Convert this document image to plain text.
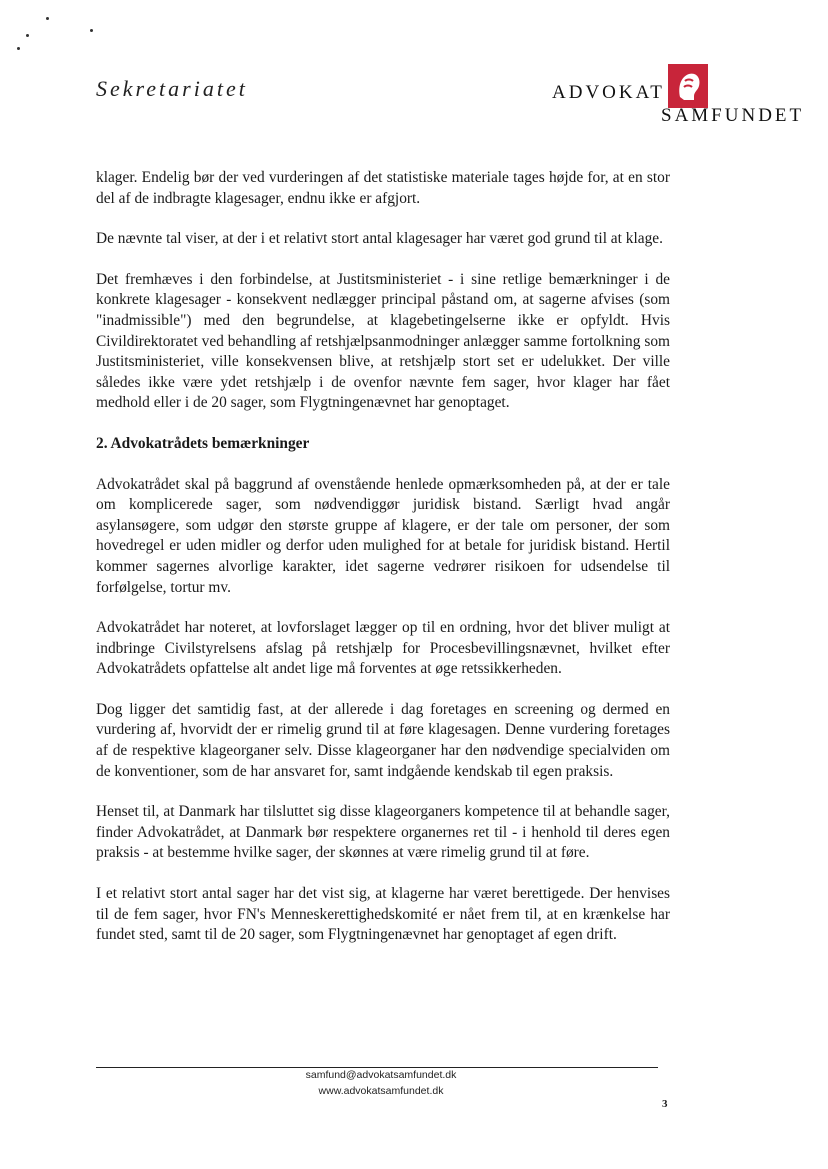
Sekretariatet	ADVOKAT
SAMFUNDET

klager. Endelig bør der ved vurderingen af det statistiske materiale tages højde for, at en stor del af de indbragte klagesager, endnu ikke er afgjort.

De nævnte tal viser, at der i et relativt stort antal klagesager har været god grund til at klage.

Det fremhæves i den forbindelse, at Justitsministeriet - i sine retlige bemærkninger i de konkrete klagesager - konsekvent nedlægger principal påstand om, at sagerne afvises (som "inadmissible") med den begrundelse, at klagebetingelserne ikke er opfyldt. Hvis Civildirektoratet ved behandling af retshjælpsanmodninger anlægger samme fortolkning som Justitsministeriet, ville konsekvensen blive, at retshjælp stort set er udelukket. Der ville således ikke være ydet retshjælp i de ovenfor nævnte fem sager, hvor klager har fået medhold eller i de 20 sager, som Flygtningenævnet har genoptaget.

2. Advokatrådets bemærkninger

Advokatrådet skal på baggrund af ovenstående henlede opmærksomheden på, at der er tale om komplicerede sager, som nødvendiggør juridisk bistand. Særligt hvad angår asylansøgere, som udgør den største gruppe af klagere, er der tale om personer, der som hovedregel er uden midler og derfor uden mulighed for at betale for juridisk bistand. Hertil kommer sagernes alvorlige karakter, idet sagerne vedrører risikoen for udsendelse til forfølgelse, tortur mv.

Advokatrådet har noteret, at lovforslaget lægger op til en ordning, hvor det bliver muligt at indbringe Civilstyrelsens afslag på retshjælp for Procesbevillingsnævnet, hvilket efter Advokatrådets opfattelse alt andet lige må forventes at øge retssikkerheden.

Dog ligger det samtidig fast, at der allerede i dag foretages en screening og dermed en vurdering af, hvorvidt der er rimelig grund til at føre klagesagen. Denne vurdering foretages af de respektive klageorganer selv. Disse klageorganer har den nødvendige specialviden om de konventioner, som de har ansvaret for, samt indgående kendskab til egen praksis.

Henset til, at Danmark har tilsluttet sig disse klageorganers kompetence til at behandle sager, finder Advokatrådet, at Danmark bør respektere organernes ret til - i henhold til deres egen praksis - at bestemme hvilke sager, der skønnes at være rimelig grund til at føre.

I et relativt stort antal sager har det vist sig, at klagerne har været berettigede. Der henvises til de fem sager, hvor FN's Menneskerettighedskomité er nået frem til, at en krænkelse har fundet sted, samt til de 20 sager, som Flygtningenævnet har genoptaget af egen drift.

samfund@advokatsamfundet.dk
www.advokatsamfundet.dk
3
